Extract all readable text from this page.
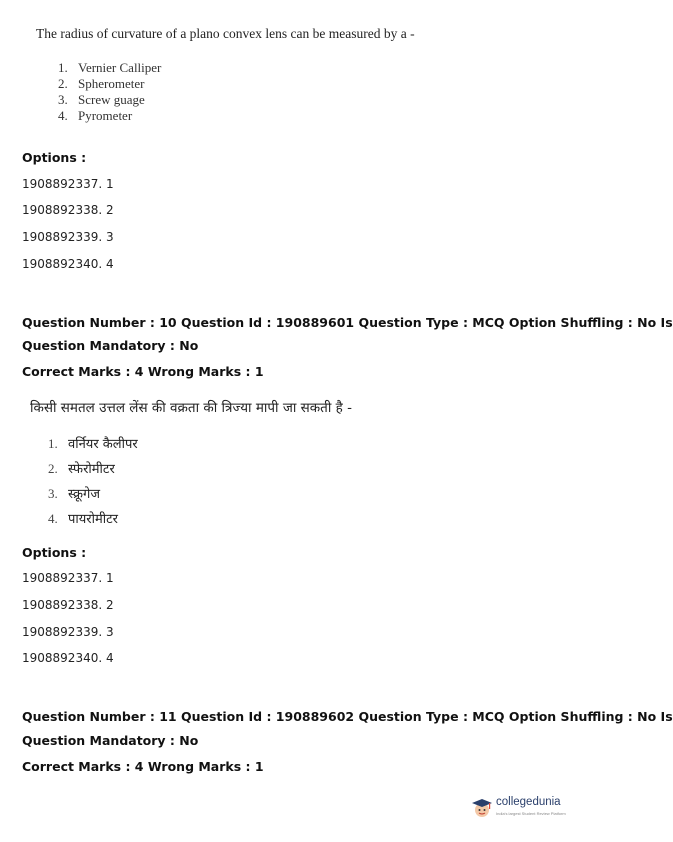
The radius of curvature of a plano convex lens can be measured by a -
1. Vernier Calliper
2. Spherometer
3. Screw guage
4. Pyrometer
Options :
1908892337. 1
1908892338. 2
1908892339. 3
1908892340. 4
Question Number : 10 Question Id : 190889601 Question Type : MCQ Option Shuffling : No Is
Question Mandatory : No
Correct Marks : 4 Wrong Marks : 1
किसी समतल उत्तल लेंस की वक्रता की त्रिज्या मापी जा सकती है -
1. वर्नियर कैलीपर
2. स्फेरोमीटर
3. स्क्रूगेज
4. पायरोमीटर
Options :
1908892337. 1
1908892338. 2
1908892339. 3
1908892340. 4
Question Number : 11 Question Id : 190889602 Question Type : MCQ Option Shuffling : No Is
Question Mandatory : No
Correct Marks : 4 Wrong Marks : 1
collegedunia
India's largest Student Review Platform
